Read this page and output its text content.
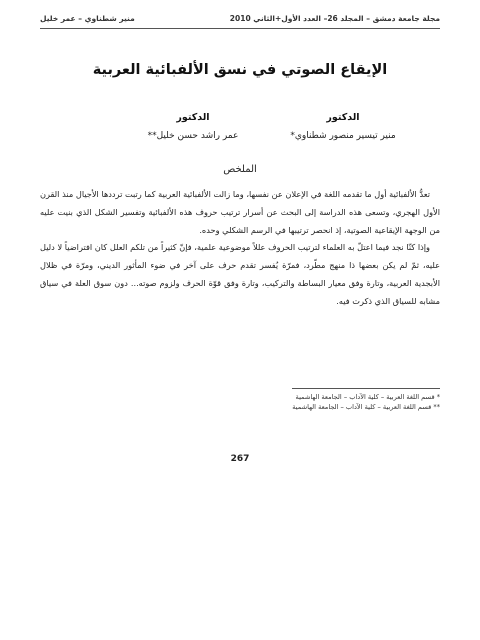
مجلة جامعة دمشق – المجلد 26– العدد الأول+الثاني 2010
منير شطناوي – عمر خليل
الإيقاع الصوتي في نسق الألفبائية العربية
الدكتور
منير تيسير منصور شطناوي*
الدكتور
عمر راشد حسن خليل**
الملخص

تعدُّ الألفبائية أول ما تقدمه اللغة في الإعلان عن نفسها، وما زالت الألفبائية العربية كما رتبت ترددها الأجيال منذ القرن الأول الهجري، وتسعى هذه الدراسة إلى البحث عن أسرار ترتيب حروف هذه الألفبائية وتفسير الشكل الذي بنيت عليه من الوجهة الإيقاعية الصوتية، إذ انحصر ترتيبها في الرسم الشكلي وحده.

وإذا كنّا نجد فيما اعتلّ به العلماء لترتيب الحروف عللاً موضوعية علمية، فإنّ كثيراً من تلكم العلل كان افتراضياً لا دليل عليه، ثمّ لم يكن بعضها ذا منهج مطّرد، فمرّة يُفسر تقدم حرف على آخر في ضوء المأثور الديني، ومرّة في ظلال الأبجدية العربية، وتارة وفق معيار البساطة والتركيب، وتارة وفق قوّة الحرف ولزوم صوته... دون سوق العلة في سياق مشابه للسياق الذي ذكرت فيه.

* قسم اللغة العربية – كلية الآداب – الجامعة الهاشمية
** قسم اللغة العربية – كلية الآداب – الجامعة الهاشمية
267
